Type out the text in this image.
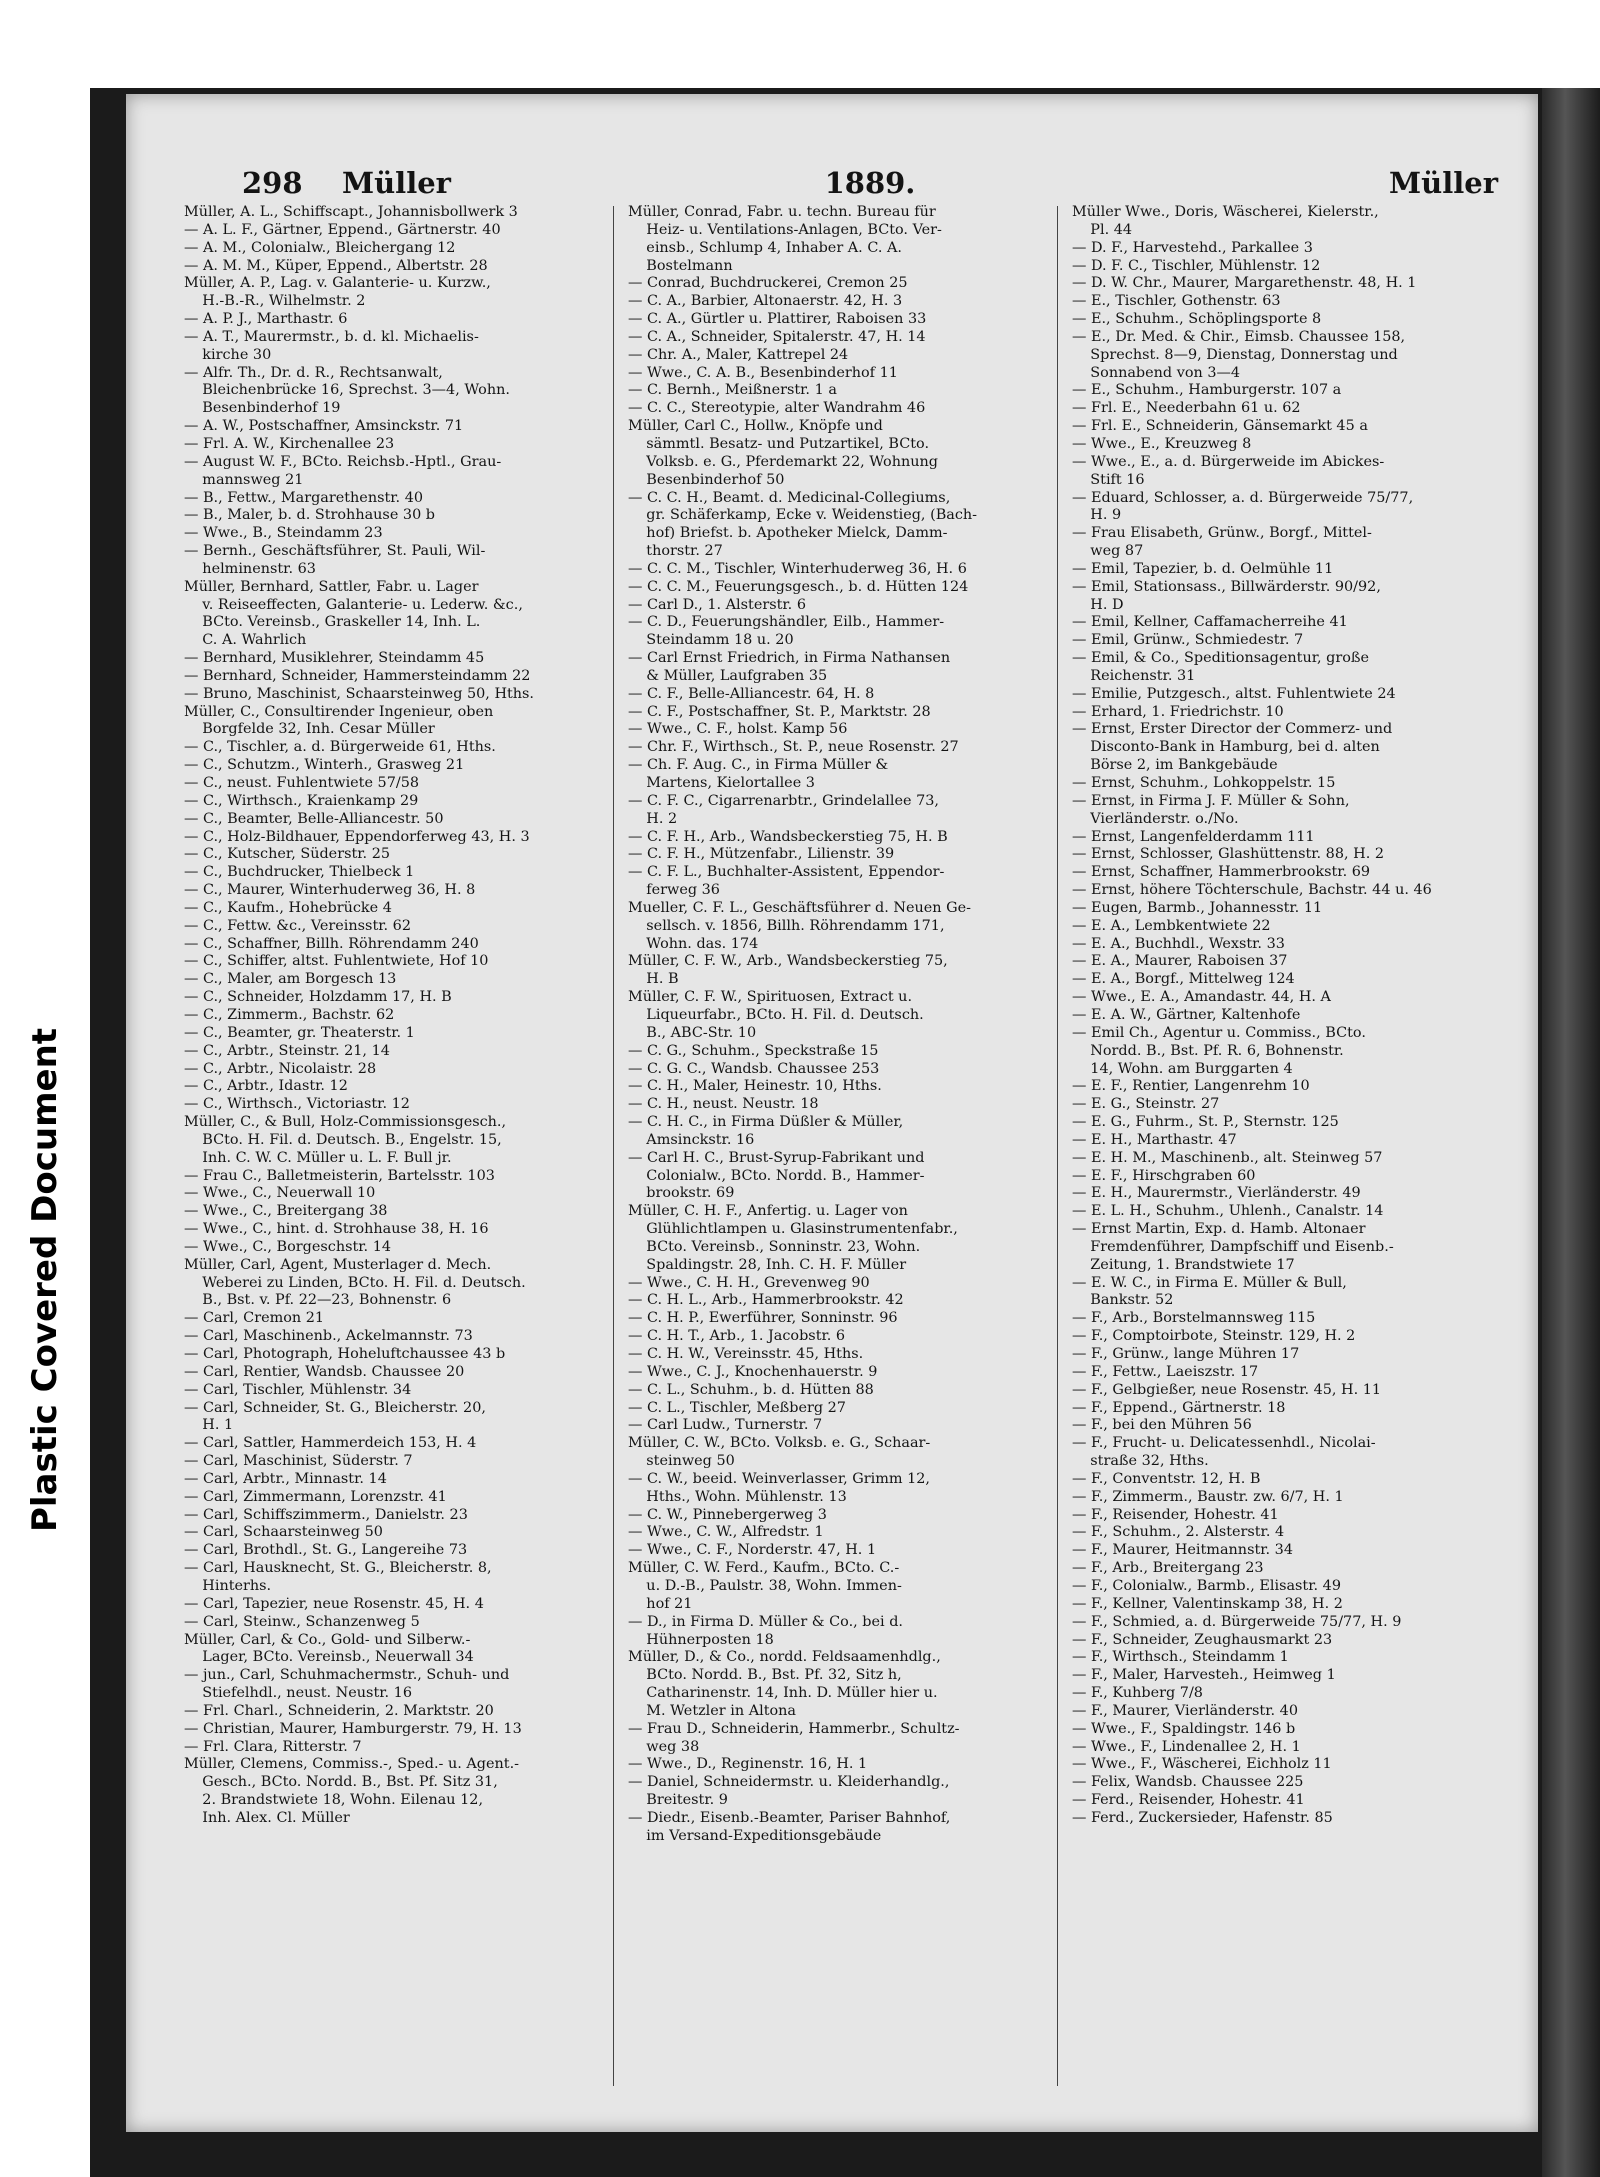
Plastic Covered Document
298 Müller	1889.	Müller
Müller, A. L., Schiffscapt., Johannisbollwerk 3
— A. L. F., Gärtner, Eppend., Gärtnerstr. 40
— A. M., Colonialw., Bleichergang 12
— A. M. M., Küper, Eppend., Albertstr. 28
Müller, A. P., Lag. v. Galanterie- u. Kurzw.,
H.-B.-R., Wilhelmstr. 2
— A. P. J., Marthastr. 6
— A. T., Maurermstr., b. d. kl. Michaelis-
kirche 30
— Alfr. Th., Dr. d. R., Rechtsanwalt,
Bleichenbrücke 16, Sprechst. 3—4, Wohn.
Besenbinderhof 19
— A. W., Postschaffner, Amsinckstr. 71
— Frl. A. W., Kirchenallee 23
— August W. F., BCto. Reichsb.-Hptl., Grau-
mannsweg 21
— B., Fettw., Margarethenstr. 40
— B., Maler, b. d. Strohhause 30 b
— Wwe., B., Steindamm 23
— Bernh., Geschäftsführer, St. Pauli, Wil-
helminenstr. 63
Müller, Bernhard, Sattler, Fabr. u. Lager
v. Reiseeffecten, Galanterie- u. Lederw. &c.,
BCto. Vereinsb., Graskeller 14, Inh. L.
C. A. Wahrlich
— Bernhard, Musiklehrer, Steindamm 45
— Bernhard, Schneider, Hammersteindamm 22
— Bruno, Maschinist, Schaarsteinweg 50, Hths.
Müller, C., Consultirender Ingenieur, oben
Borgfelde 32, Inh. Cesar Müller
— C., Tischler, a. d. Bürgerweide 61, Hths.
— C., Schutzm., Winterh., Grasweg 21
— C., neust. Fuhlentwiete 57/58
— C., Wirthsch., Kraienkamp 29
— C., Beamter, Belle-Alliancestr. 50
— C., Holz-Bildhauer, Eppendorferweg 43, H. 3
— C., Kutscher, Süderstr. 25
— C., Buchdrucker, Thielbeck 1
— C., Maurer, Winterhuderweg 36, H. 8
— C., Kaufm., Hohebrücke 4
— C., Fettw. &c., Vereinsstr. 62
— C., Schaffner, Billh. Röhrendamm 240
— C., Schiffer, altst. Fuhlentwiete, Hof 10
— C., Maler, am Borgesch 13
— C., Schneider, Holzdamm 17, H. B
— C., Zimmerm., Bachstr. 62
— C., Beamter, gr. Theaterstr. 1
— C., Arbtr., Steinstr. 21, 14
— C., Arbtr., Nicolaistr. 28
— C., Arbtr., Idastr. 12
— C., Wirthsch., Victoriastr. 12
Müller, C., & Bull, Holz-Commissionsgesch.,
BCto. H. Fil. d. Deutsch. B., Engelstr. 15,
Inh. C. W. C. Müller u. L. F. Bull jr.
— Frau C., Balletmeisterin, Bartelsstr. 103
— Wwe., C., Neuerwall 10
— Wwe., C., Breitergang 38
— Wwe., C., hint. d. Strohhause 38, H. 16
— Wwe., C., Borgeschstr. 14
Müller, Carl, Agent, Musterlager d. Mech.
Weberei zu Linden, BCto. H. Fil. d. Deutsch.
B., Bst. v. Pf. 22—23, Bohnenstr. 6
— Carl, Cremon 21
— Carl, Maschinenb., Ackelmannstr. 73
— Carl, Photograph, Hoheluftchaussee 43 b
— Carl, Rentier, Wandsb. Chaussee 20
— Carl, Tischler, Mühlenstr. 34
— Carl, Schneider, St. G., Bleicherstr. 20,
H. 1
— Carl, Sattler, Hammerdeich 153, H. 4
— Carl, Maschinist, Süderstr. 7
— Carl, Arbtr., Minnastr. 14
— Carl, Zimmermann, Lorenzstr. 41
— Carl, Schiffszimmerm., Danielstr. 23
— Carl, Schaarsteinweg 50
— Carl, Brothdl., St. G., Langereihe 73
— Carl, Hausknecht, St. G., Bleicherstr. 8,
Hinterhs.
— Carl, Tapezier, neue Rosenstr. 45, H. 4
— Carl, Steinw., Schanzenweg 5
Müller, Carl, & Co., Gold- und Silberw.-
Lager, BCto. Vereinsb., Neuerwall 34
— jun., Carl, Schuhmachermstr., Schuh- und
Stiefelhdl., neust. Neustr. 16
— Frl. Charl., Schneiderin, 2. Marktstr. 20
— Christian, Maurer, Hamburgerstr. 79, H. 13
— Frl. Clara, Ritterstr. 7
Müller, Clemens, Commiss.-, Sped.- u. Agent.-
Gesch., BCto. Nordd. B., Bst. Pf. Sitz 31,
2. Brandstwiete 18, Wohn. Eilenau 12,
Inh. Alex. Cl. Müller
Müller, Conrad, Fabr. u. techn. Bureau für
Heiz- u. Ventilations-Anlagen, BCto. Ver-
einsb., Schlump 4, Inhaber A. C. A.
Bostelmann
— Conrad, Buchdruckerei, Cremon 25
— C. A., Barbier, Altonaerstr. 42, H. 3
— C. A., Gürtler u. Plattirer, Raboisen 33
— C. A., Schneider, Spitalerstr. 47, H. 14
— Chr. A., Maler, Kattrepel 24
— Wwe., C. A. B., Besenbinderhof 11
— C. Bernh., Meißnerstr. 1 a
— C. C., Stereotypie, alter Wandrahm 46
Müller, Carl C., Hollw., Knöpfe und
sämmtl. Besatz- und Putzartikel, BCto.
Volksb. e. G., Pferdemarkt 22, Wohnung
Besenbinderhof 50
— C. C. H., Beamt. d. Medicinal-Collegiums,
gr. Schäferkamp, Ecke v. Weidenstieg, (Bach-
hof) Briefst. b. Apotheker Mielck, Damm-
thorstr. 27
— C. C. M., Tischler, Winterhuderweg 36, H. 6
— C. C. M., Feuerungsgesch., b. d. Hütten 124
— Carl D., 1. Alsterstr. 6
— C. D., Feuerungshändler, Eilb., Hammer-
Steindamm 18 u. 20
— Carl Ernst Friedrich, in Firma Nathansen
& Müller, Laufgraben 35
— C. F., Belle-Alliancestr. 64, H. 8
— C. F., Postschaffner, St. P., Marktstr. 28
— Wwe., C. F., holst. Kamp 56
— Chr. F., Wirthsch., St. P., neue Rosenstr. 27
— Ch. F. Aug. C., in Firma Müller &
Martens, Kielortallee 3
— C. F. C., Cigarrenarbtr., Grindelallee 73,
H. 2
— C. F. H., Arb., Wandsbeckerstieg 75, H. B
— C. F. H., Mützenfabr., Lilienstr. 39
— C. F. L., Buchhalter-Assistent, Eppendor-
ferweg 36
Mueller, C. F. L., Geschäftsführer d. Neuen Ge-
sellsch. v. 1856, Billh. Röhrendamm 171,
Wohn. das. 174
Müller, C. F. W., Arb., Wandsbeckerstieg 75,
H. B
Müller, C. F. W., Spirituosen, Extract u.
Liqueurfabr., BCto. H. Fil. d. Deutsch.
B., ABC-Str. 10
— C. G., Schuhm., Speckstraße 15
— C. G. C., Wandsb. Chaussee 253
— C. H., Maler, Heinestr. 10, Hths.
— C. H., neust. Neustr. 18
— C. H. C., in Firma Düßler & Müller,
Amsinckstr. 16
— Carl H. C., Brust-Syrup-Fabrikant und
Colonialw., BCto. Nordd. B., Hammer-
brookstr. 69
Müller, C. H. F., Anfertig. u. Lager von
Glühlichtlampen u. Glasinstrumentenfabr.,
BCto. Vereinsb., Sonninstr. 23, Wohn.
Spaldingstr. 28, Inh. C. H. F. Müller
— Wwe., C. H. H., Grevenweg 90
— C. H. L., Arb., Hammerbrookstr. 42
— C. H. P., Ewerführer, Sonninstr. 96
— C. H. T., Arb., 1. Jacobstr. 6
— C. H. W., Vereinsstr. 45, Hths.
— Wwe., C. J., Knochenhauerstr. 9
— C. L., Schuhm., b. d. Hütten 88
— C. L., Tischler, Meßberg 27
— Carl Ludw., Turnerstr. 7
Müller, C. W., BCto. Volksb. e. G., Schaar-
steinweg 50
— C. W., beeid. Weinverlasser, Grimm 12,
Hths., Wohn. Mühlenstr. 13
— C. W., Pinnebergerweg 3
— Wwe., C. W., Alfredstr. 1
— Wwe., C. F., Norderstr. 47, H. 1
Müller, C. W. Ferd., Kaufm., BCto. C.-
u. D.-B., Paulstr. 38, Wohn. Immen-
hof 21
— D., in Firma D. Müller & Co., bei d.
Hühnerposten 18
Müller, D., & Co., nordd. Feldsaamenhdlg.,
BCto. Nordd. B., Bst. Pf. 32, Sitz h,
Catharinenstr. 14, Inh. D. Müller hier u.
M. Wetzler in Altona
— Frau D., Schneiderin, Hammerbr., Schultz-
weg 38
— Wwe., D., Reginenstr. 16, H. 1
— Daniel, Schneidermstr. u. Kleiderhandlg.,
Breitestr. 9
— Diedr., Eisenb.-Beamter, Pariser Bahnhof,
im Versand-Expeditionsgebäude
Müller Wwe., Doris, Wäscherei, Kielerstr.,
Pl. 44
— D. F., Harvestehd., Parkallee 3
— D. F. C., Tischler, Mühlenstr. 12
— D. W. Chr., Maurer, Margarethenstr. 48, H. 1
— E., Tischler, Gothenstr. 63
— E., Schuhm., Schöplingsporte 8
— E., Dr. Med. & Chir., Eimsb. Chaussee 158,
Sprechst. 8—9, Dienstag, Donnerstag und
Sonnabend von 3—4
— E., Schuhm., Hamburgerstr. 107 a
— Frl. E., Neederbahn 61 u. 62
— Frl. E., Schneiderin, Gänsemarkt 45 a
— Wwe., E., Kreuzweg 8
— Wwe., E., a. d. Bürgerweide im Abickes-
Stift 16
— Eduard, Schlosser, a. d. Bürgerweide 75/77,
H. 9
— Frau Elisabeth, Grünw., Borgf., Mittel-
weg 87
— Emil, Tapezier, b. d. Oelmühle 11
— Emil, Stationsass., Billwärderstr. 90/92,
H. D
— Emil, Kellner, Caffamacherreihe 41
— Emil, Grünw., Schmiedestr. 7
— Emil, & Co., Speditionsagentur, große
Reichenstr. 31
— Emilie, Putzgesch., altst. Fuhlentwiete 24
— Erhard, 1. Friedrichstr. 10
— Ernst, Erster Director der Commerz- und
Disconto-Bank in Hamburg, bei d. alten
Börse 2, im Bankgebäude
— Ernst, Schuhm., Lohkoppelstr. 15
— Ernst, in Firma J. F. Müller & Sohn,
Vierländerstr. o./No.
— Ernst, Langenfelderdamm 111
— Ernst, Schlosser, Glashüttenstr. 88, H. 2
— Ernst, Schaffner, Hammerbrookstr. 69
— Ernst, höhere Töchterschule, Bachstr. 44 u. 46
— Eugen, Barmb., Johannesstr. 11
— E. A., Lembkentwiete 22
— E. A., Buchhdl., Wexstr. 33
— E. A., Maurer, Raboisen 37
— E. A., Borgf., Mittelweg 124
— Wwe., E. A., Amandastr. 44, H. A
— E. A. W., Gärtner, Kaltenhofe
— Emil Ch., Agentur u. Commiss., BCto.
Nordd. B., Bst. Pf. R. 6, Bohnenstr.
14, Wohn. am Burggarten 4
— E. F., Rentier, Langenrehm 10
— E. G., Steinstr. 27
— E. G., Fuhrm., St. P., Sternstr. 125
— E. H., Marthastr. 47
— E. H. M., Maschinenb., alt. Steinweg 57
— E. F., Hirschgraben 60
— E. H., Maurermstr., Vierländerstr. 49
— E. L. H., Schuhm., Uhlenh., Canalstr. 14
— Ernst Martin, Exp. d. Hamb. Altonaer
Fremdenführer, Dampfschiff und Eisenb.-
Zeitung, 1. Brandstwiete 17
— E. W. C., in Firma E. Müller & Bull,
Bankstr. 52
— F., Arb., Borstelmannsweg 115
— F., Comptoirbote, Steinstr. 129, H. 2
— F., Grünw., lange Mühren 17
— F., Fettw., Laeiszstr. 17
— F., Gelbgießer, neue Rosenstr. 45, H. 11
— F., Eppend., Gärtnerstr. 18
— F., bei den Mühren 56
— F., Frucht- u. Delicatessenhdl., Nicolai-
straße 32, Hths.
— F., Conventstr. 12, H. B
— F., Zimmerm., Baustr. zw. 6/7, H. 1
— F., Reisender, Hohestr. 41
— F., Schuhm., 2. Alsterstr. 4
— F., Maurer, Heitmannstr. 34
— F., Arb., Breitergang 23
— F., Colonialw., Barmb., Elisastr. 49
— F., Kellner, Valentinskamp 38, H. 2
— F., Schmied, a. d. Bürgerweide 75/77, H. 9
— F., Schneider, Zeughausmarkt 23
— F., Wirthsch., Steindamm 1
— F., Maler, Harvesteh., Heimweg 1
— F., Kuhberg 7/8
— F., Maurer, Vierländerstr. 40
— Wwe., F., Spaldingstr. 146 b
— Wwe., F., Lindenallee 2, H. 1
— Wwe., F., Wäscherei, Eichholz 11
— Felix, Wandsb. Chaussee 225
— Ferd., Reisender, Hohestr. 41
— Ferd., Zuckersieder, Hafenstr. 85
